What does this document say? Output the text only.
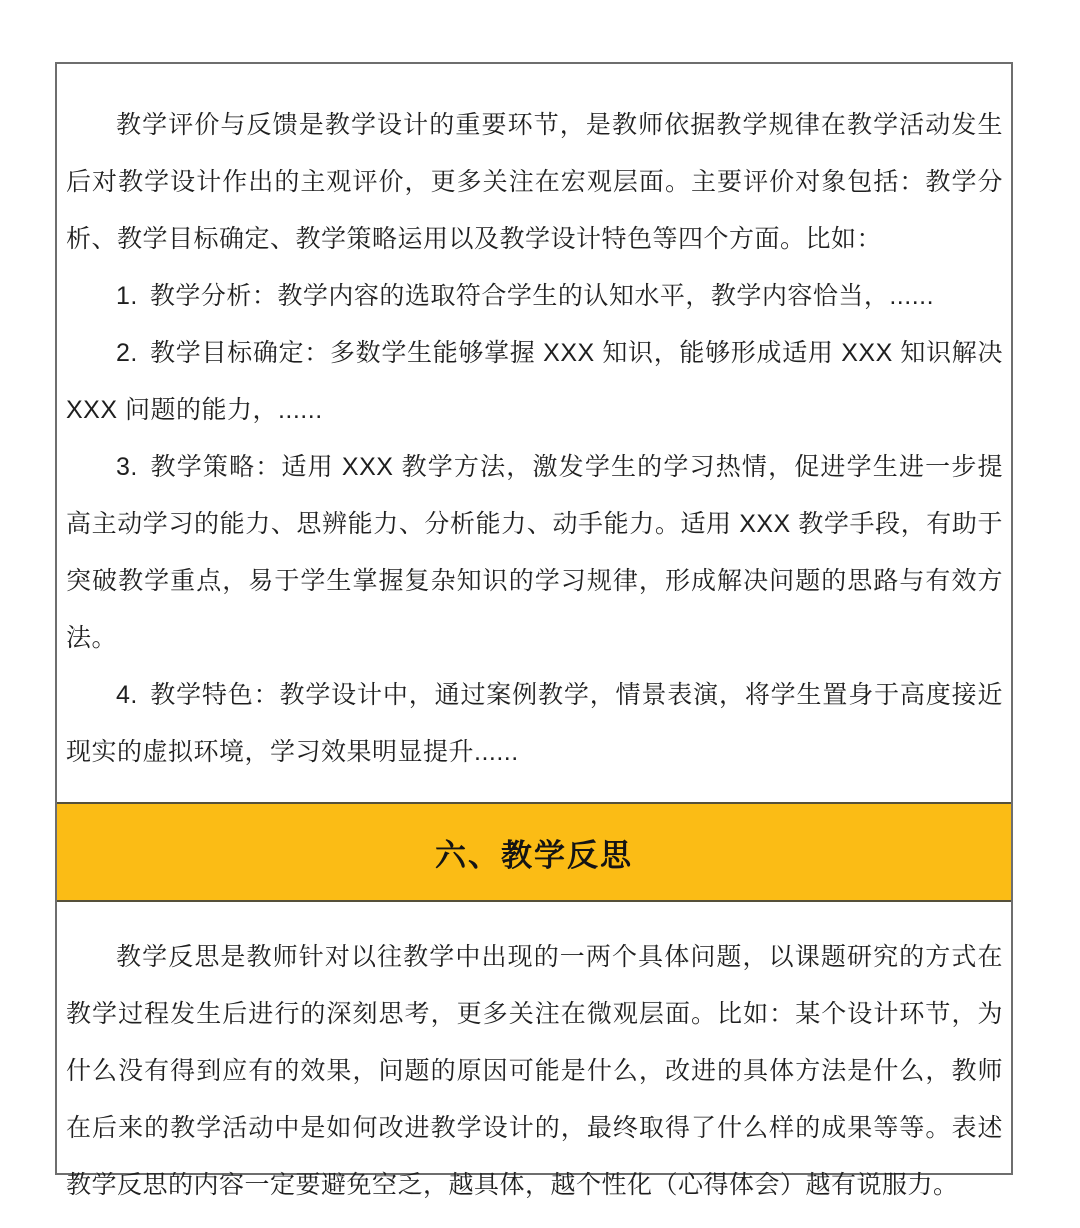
教学评价与反馈是教学设计的重要环节，是教师依据教学规律在教学活动发生后对教学设计作出的主观评价，更多关注在宏观层面。主要评价对象包括：教学分析、教学目标确定、教学策略运用以及教学设计特色等四个方面。比如：

1. 教学分析：教学内容的选取符合学生的认知水平，教学内容恰当，......

2. 教学目标确定：多数学生能够掌握 XXX 知识，能够形成适用 XXX 知识解决 XXX 问题的能力，......

3. 教学策略：适用 XXX 教学方法，激发学生的学习热情，促进学生进一步提高主动学习的能力、思辨能力、分析能力、动手能力。适用 XXX 教学手段，有助于突破教学重点，易于学生掌握复杂知识的学习规律，形成解决问题的思路与有效方法。

4. 教学特色：教学设计中，通过案例教学，情景表演，将学生置身于高度接近现实的虚拟环境，学习效果明显提升......

六、教学反思

教学反思是教师针对以往教学中出现的一两个具体问题，以课题研究的方式在教学过程发生后进行的深刻思考，更多关注在微观层面。比如：某个设计环节，为什么没有得到应有的效果，问题的原因可能是什么，改进的具体方法是什么，教师在后来的教学活动中是如何改进教学设计的，最终取得了什么样的成果等等。表述教学反思的内容一定要避免空乏，越具体，越个性化（心得体会）越有说服力。
